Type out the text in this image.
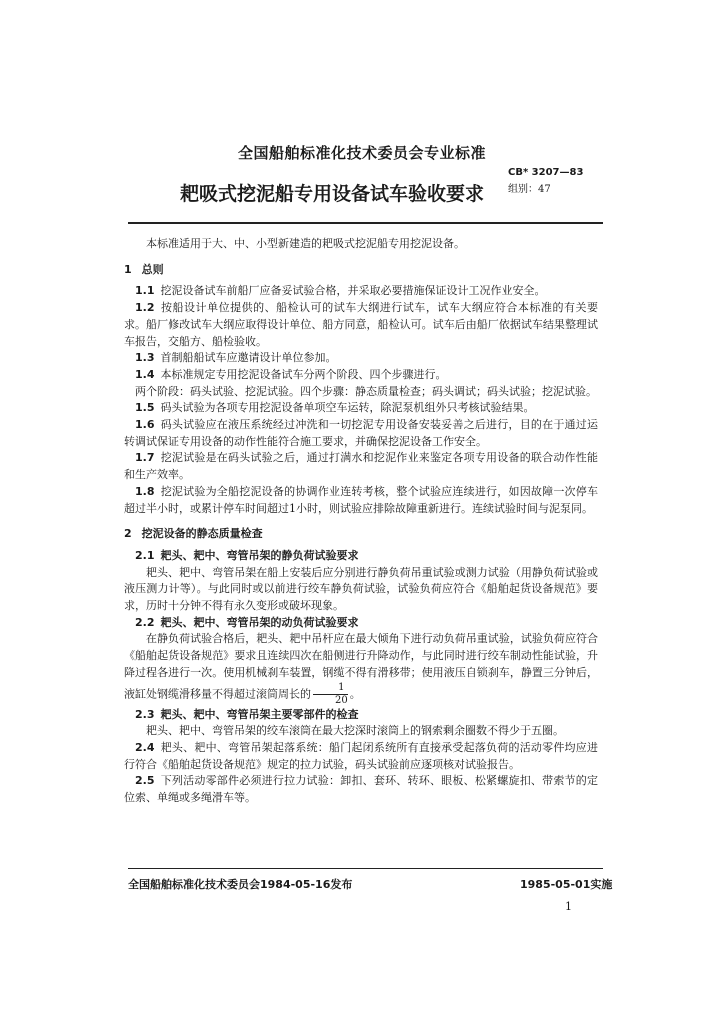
全国船舶标准化技术委员会专业标准
CB* 3207—83
组别：47
耙吸式挖泥船专用设备试车验收要求

本标准适用于大、中、小型新建造的耙吸式挖泥船专用挖泥设备。

1 总则

1.1 挖泥设备试车前船厂应备妥试验合格，并采取必要措施保证设计工况作业安全。

1.2 按船设计单位提供的、船检认可的试车大纲进行试车，试车大纲应符合本标准的有关要求。船厂修改试车大纲应取得设计单位、船方同意，船检认可。试车后由船厂依据试车结果整理试车报告，交船方、船检验收。

1.3 首制船船试车应邀请设计单位参加。

1.4 本标准规定专用挖泥设备试车分两个阶段、四个步骤进行。

两个阶段：码头试验、挖泥试验。四个步骤：静态质量检查；码头调试；码头试验；挖泥试验。

1.5 码头试验为各项专用挖泥设备单项空车运转，除泥泵机组外只考核试验结果。

1.6 码头试验应在液压系统经过冲洗和一切挖泥专用设备安装妥善之后进行，目的在于通过运转调试保证专用设备的动作性能符合施工要求，并确保挖泥设备工作安全。

1.7 挖泥试验是在码头试验之后，通过打满水和挖泥作业来鉴定各项专用设备的联合动作性能和生产效率。

1.8 挖泥试验为全船挖泥设备的协调作业连转考核，整个试验应连续进行，如因故障一次停车超过半小时，或累计停车时间超过1小时，则试验应排除故障重新进行。连续试验时间与泥泵同。

2 挖泥设备的静态质量检查

2.1 耙头、耙中、弯管吊架的静负荷试验要求

耙头、耙中、弯管吊架在船上安装后应分别进行静负荷吊重试验或测力试验（用静负荷试验或液压测力计等）。与此同时或以前进行绞车静负荷试验，试验负荷应符合《船舶起货设备规范》要求，历时十分钟不得有永久变形或破坏现象。

2.2 耙头、耙中、弯管吊架的动负荷试验要求

在静负荷试验合格后，耙头、耙中吊杆应在最大倾角下进行动负荷吊重试验，试验负荷应符合《船舶起货设备规范》要求且连续四次在船侧进行升降动作，与此同时进行绞车制动性能试验，升降过程各进行一次。使用机械刹车装置，钢缆不得有滑移带；使用液压自锁刹车，静置三分钟后，液缸处钢缆滑移量不得超过滚筒周长的 $\frac{1}{20}$ 。

2.3 耙头、耙中、弯管吊架主要零部件的检查

耙头、耙中、弯管吊架的绞车滚筒在最大挖深时滚筒上的钢索剩余圈数不得少于五圈。

2.4 耙头、耙中、弯管吊架起落系统：船门起闭系统所有直接承受起落负荷的活动零件均应进行符合《船舶起货设备规范》规定的拉力试验，码头试验前应逐项核对试验报告。

2.5 下列活动零部件必须进行拉力试验：卸扣、套环、转环、眼板、松紧螺旋扣、带索节的定位索、单绳或多绳滑车等。

全国船舶标准化技术委员会1984-05-16发布	1985-05-01实施
1
